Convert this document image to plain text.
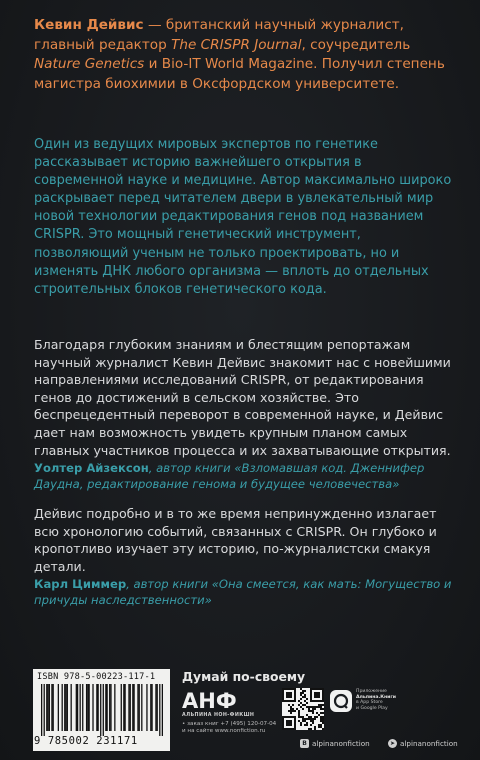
Кевин Дейвис — британский научный журналист, главный редактор The CRISPR Journal, соучредитель Nature Genetics и Bio-IT World Magazine. Получил степень магистра биохимии в Оксфордском университете.
Один из ведущих мировых экспертов по генетике рассказывает историю важнейшего открытия в современной науке и медицине. Автор максимально широко раскрывает перед читателем двери в увлекательный мир новой технологии редактирования генов под названием CRISPR. Это мощный генетический инструмент, позволяющий ученым не только проектировать, но и изменять ДНК любого организма — вплоть до отдельных строительных блоков генетического кода.
Благодаря глубоким знаниям и блестящим репортажам научный журналист Кевин Дейвис знакомит нас с новейшими направлениями исследований CRISPR, от редактирования генов до достижений в сельском хозяйстве. Это беспрецедентный переворот в современной науке, и Дейвис дает нам возможность увидеть крупным планом самых главных участников процесса и их захватывающие открытия.
Уолтер Айзексон, автор книги «Взломавшая код. Дженнифер Даудна, редактирование генома и будущее человечества»
Дейвис подробно и в то же время непринужденно излагает всю хронологию событий, связанных с CRISPR. Он глубоко и кропотливо изучает эту историю, по-журналистски смакуя детали.
Карл Циммер, автор книги «Она смеется, как мать: Могущество и причуды наследственности»
ISBN 978-5-00223-117-1
9 785002 231171
Думай по-своему
АНФ
АЛЬПИНА НОН-ФИКШН
• заказ книг +7 (495) 120-07-04
и на сайте www.nonfiction.ru
Приложение
Альпина.Книги
в App Store
и Google Play
В alpinanonfiction	➤ alpinanonfiction
